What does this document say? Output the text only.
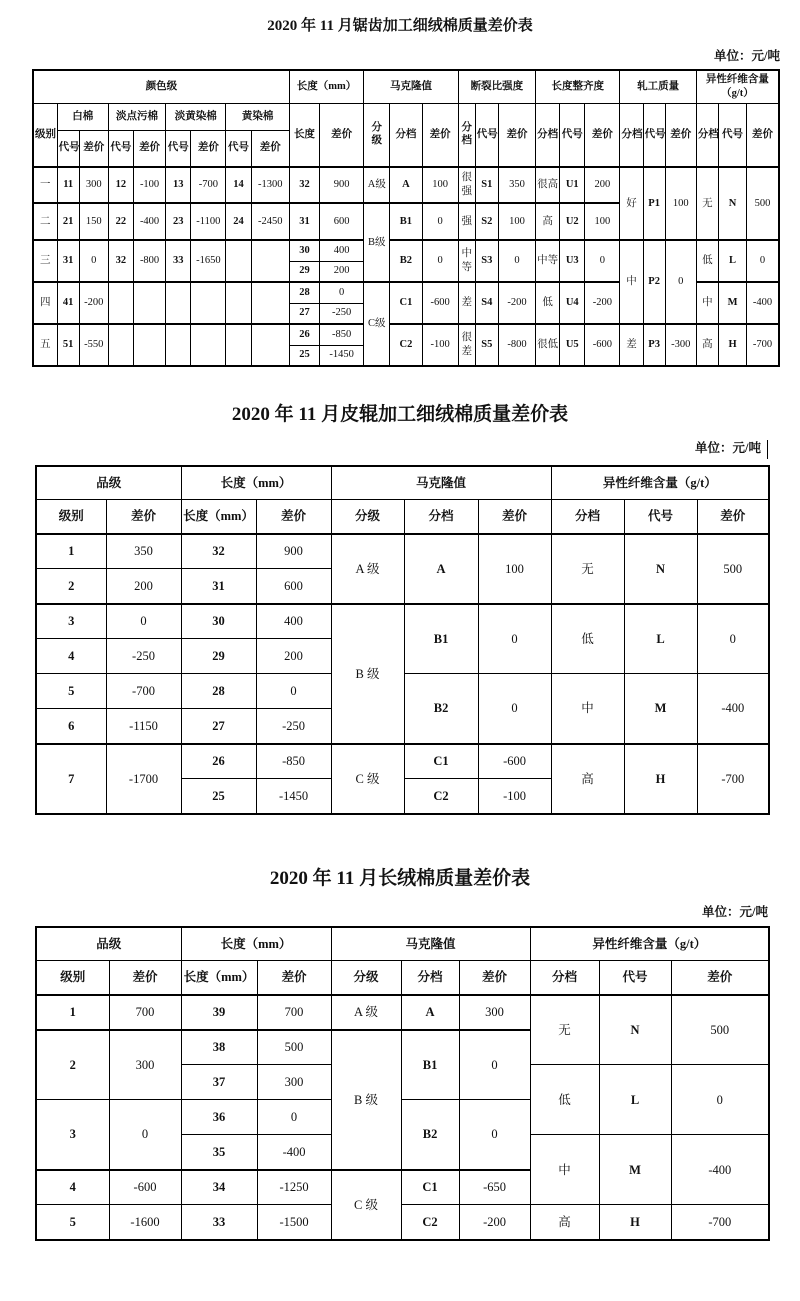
2020 年 11 月锯齿加工细绒棉质量差价表
单位：元/吨
颜色级									长度（mm）		马克隆值			断裂比强度			长度整齐度			轧工质量			异性纤维含量
（g/t）		

级别	白棉		淡点污棉		淡黄染棉		黄染棉		长度	差价	分级	分档	差价	分档	代号	差价	分档	代号	差价	分档	代号	差价	分档	代号	差价
	代号	差价	代号	差价	代号	差价	代号	差价																	
一	11	300	12	-100	13	-700	14	-1300	32	900	A级	A	100	很强	S1	350	很高	U1	200	好	P1	100	无	N	500
二	21	150	22	-400	23	-1100	24	-2450	31	600	B级	B1	0	强	S2	100	高	U2	100						
三	31	0	32	-800	33	-1650			30	400		B2	0	中等	S3	0	中等	U3	0	中	P2	0	低	L	0
									29	200															
四	41	-200							28	0	C级	C1	-600	差	S4	-200	低	U4	-200				中	M	-400
									27	-250															
五	51	-550							26	-850		C2	-100	很差	S5	-800	很低	U5	-600	差	P3	-300	高	H	-700
									25	-1450															
2020 年 11 月皮辊加工细绒棉质量差价表
单位：元/吨
品级		长度（mm）		马克隆值			异性纤维含量（g/t）		
级别	差价	长度（mm）	差价	分级	分档	差价	分档	代号	差价
1	350	32	900	A 级	A	100	无	N	500
2	200	31	600						
3	0	30	400	B 级	B1	0	低	L	0
4	-250	29	200						
5	-700	28	0		B2	0	中	M	-400
6	-1150	27	-250						
7	-1700	26	-850	C 级	C1	-600	高	H	-700
		25	-1450		C2	-100			
2020 年 11 月长绒棉质量差价表
单位：元/吨
品级		长度（mm）		马克隆值			异性纤维含量（g/t）		
级别	差价	长度（mm）	差价	分级	分档	差价	分档	代号	差价
1	700	39	700	A 级	A	300	无	N	500
2	300	38	500	B 级	B1	0			
		37	300				低	L	0
3	0	36	0		B2	0			
		35	-400				中	M	-400
4	-600	34	-1250	C 级	C1	-650			
5	-1600	33	-1500		C2	-200	高	H	-700
